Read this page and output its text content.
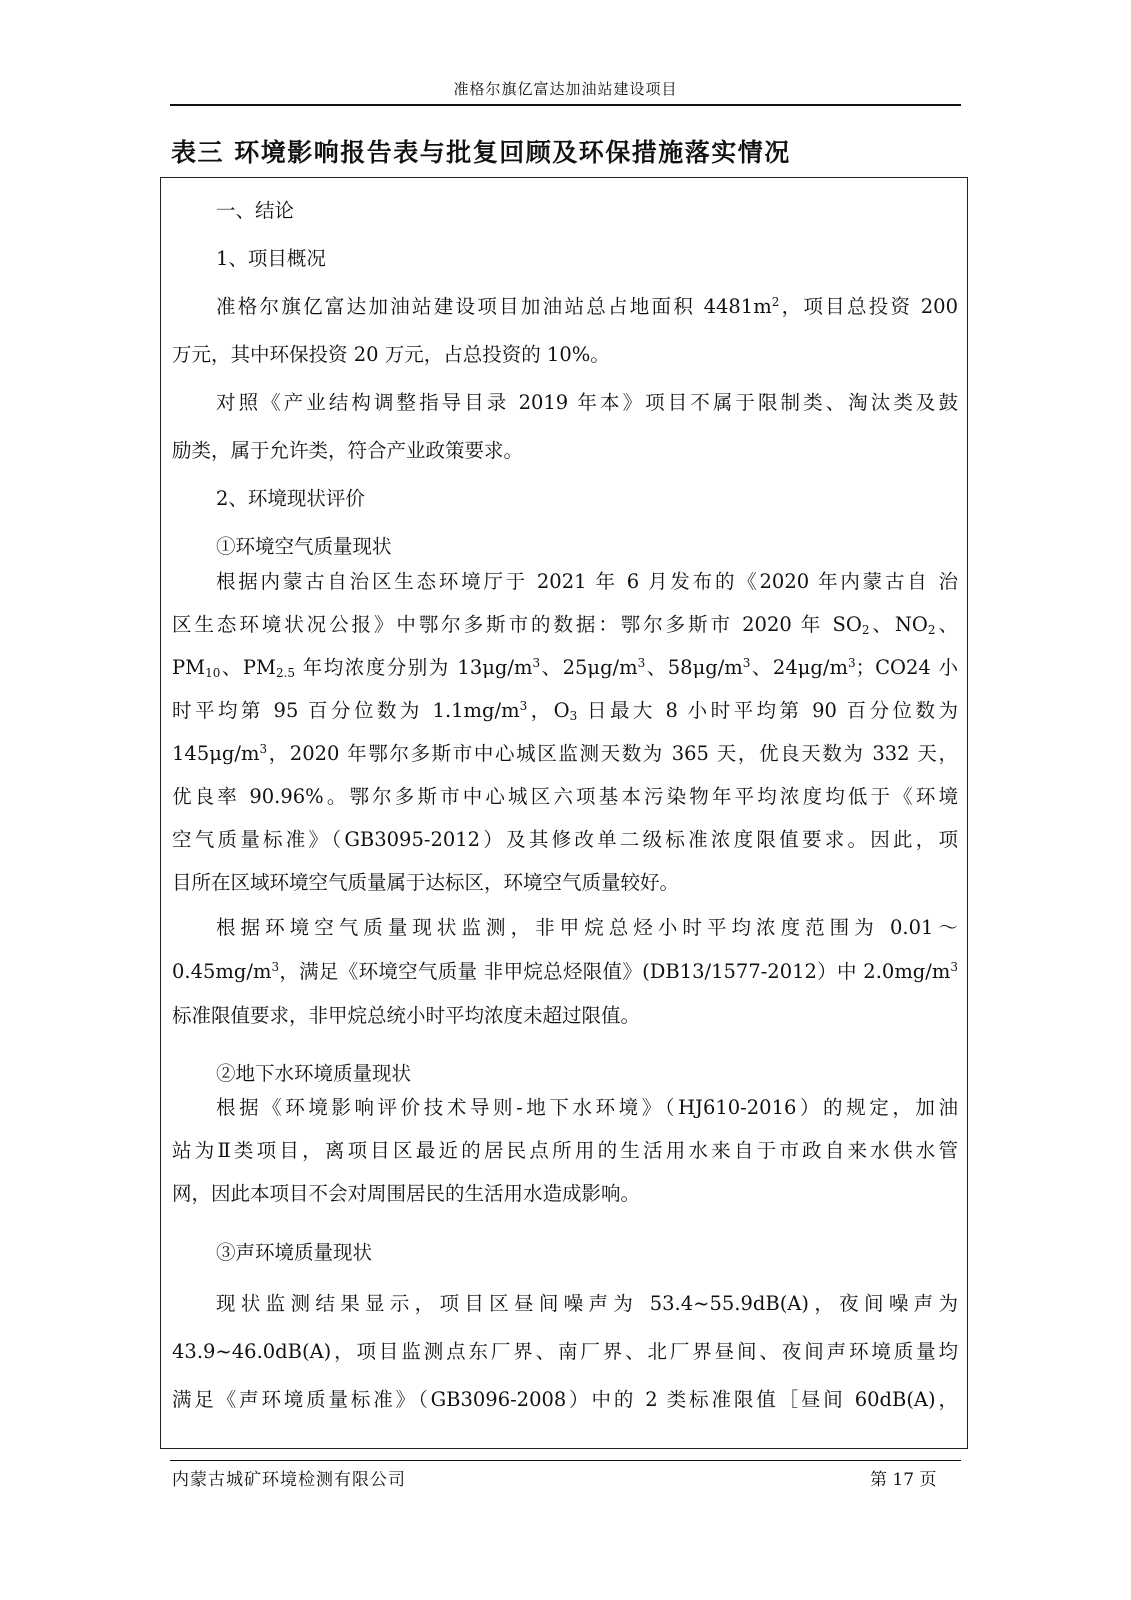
准格尔旗亿富达加油站建设项目
表三 环境影响报告表与批复回顾及环保措施落实情况
一、结论
1、项目概况
准格尔旗亿富达加油站建设项目加油站总占地面积 $4481m^2$，项目总投资 200
万元，其中环保投资 20 万元，占总投资的 10%。
对照《产业结构调整指导目录 2019 年本》项目不属于限制类、淘汰类及鼓
励类，属于允许类，符合产业政策要求。
2、环境现状评价
①环境空气质量现状
根据内蒙古自治区生态环境厅于 2021 年 6 月发布的《2020 年内蒙古自 治
区生态环境状况公报》中鄂尔多斯市的数据：鄂尔多斯市 2020 年 $SO_2$、$NO_2$、
$PM_{10}$、$PM_{2.5}$ 年均浓度分别为 $13\mu g/m^3$、$25\mu g/m^3$、$58\mu g/m^3$、$24\mu g/m^3$；CO24 小
时平均第 95 百分位数为 $1.1mg/m^3$，$O_3$ 日最大 8 小时平均第 90 百分位数为
$145\mu g/m^3$，2020 年鄂尔多斯市中心城区监测天数为 365 天，优良天数为 332 天，
优良率 90.96%。鄂尔多斯市中心城区六项基本污染物年平均浓度均低于《环境
空气质量标准》（GB3095-2012）及其修改单二级标准浓度限值要求。因此，项
目所在区域环境空气质量属于达标区，环境空气质量较好。
根据环境空气质量现状监测，非甲烷总烃小时平均浓度范围为 0.01～
$0.45mg/m^3$，满足《环境空气质量 非甲烷总烃限值》(DB13/1577-2012）中 $2.0mg/m^3$
标准限值要求，非甲烷总统小时平均浓度未超过限值。
②地下水环境质量现状
根据《环境影响评价技术导则-地下水环境》（HJ610-2016）的规定，加油
站为Ⅱ类项目，离项目区最近的居民点所用的生活用水来自于市政自来水供水管
网，因此本项目不会对周围居民的生活用水造成影响。
③声环境质量现状
现状监测结果显示，项目区昼间噪声为 53.4~55.9dB(A)，夜间噪声为
43.9~46.0dB(A)，项目监测点东厂界、南厂界、北厂界昼间、夜间声环境质量均
满足《声环境质量标准》（GB3096-2008）中的 2 类标准限值［昼间 60dB(A)，
内蒙古城矿环境检测有限公司	第 17 页
